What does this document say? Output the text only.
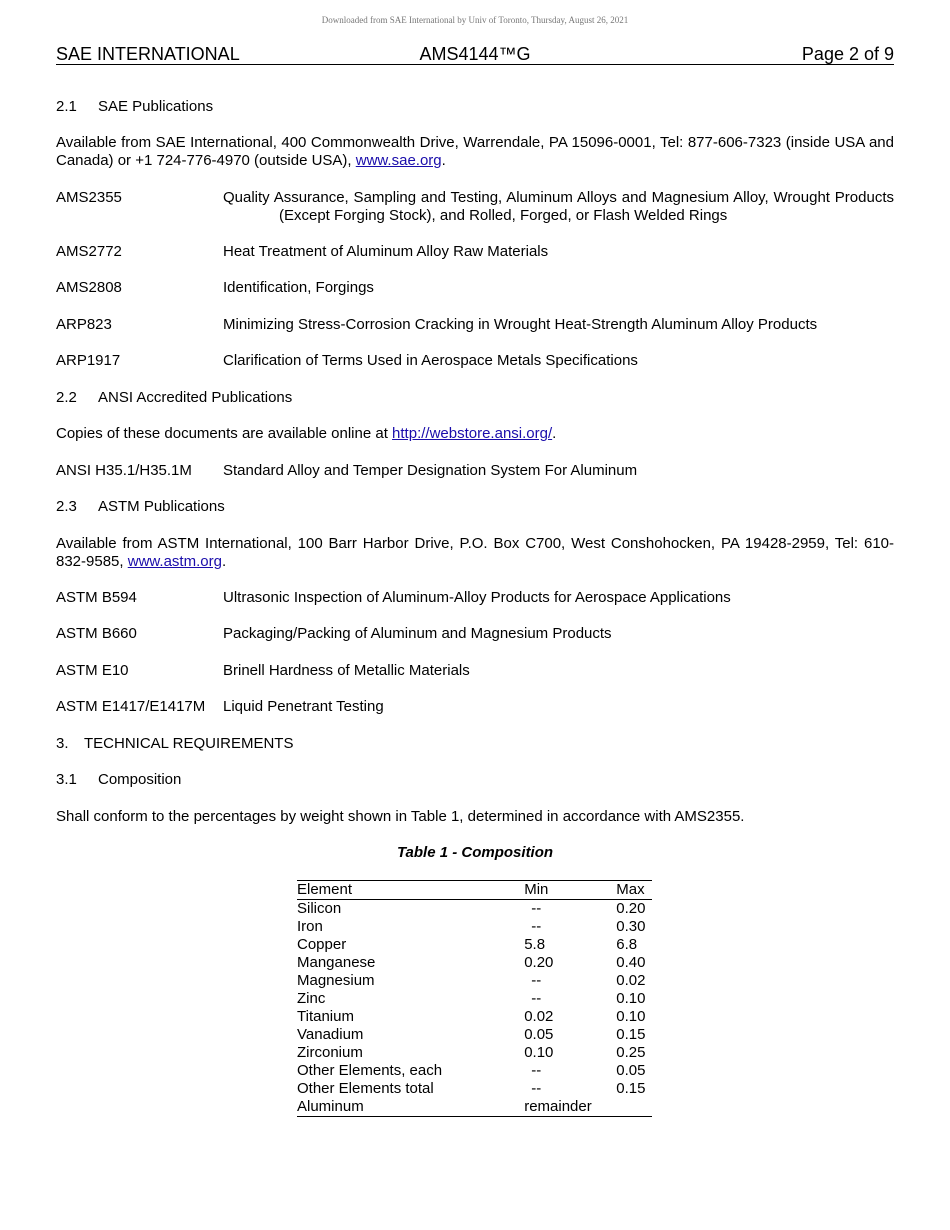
Downloaded from SAE International by Univ of Toronto, Thursday, August 26, 2021
SAE INTERNATIONAL	AMS4144™G	Page 2 of 9
2.1 SAE Publications
Available from SAE International, 400 Commonwealth Drive, Warrendale, PA 15096-0001, Tel: 877-606-7323 (inside USA and Canada) or +1 724-776-4970 (outside USA), www.sae.org.
AMS2355	Quality Assurance, Sampling and Testing, Aluminum Alloys and Magnesium Alloy, Wrought Products (Except Forging Stock), and Rolled, Forged, or Flash Welded Rings
AMS2772	Heat Treatment of Aluminum Alloy Raw Materials
AMS2808	Identification, Forgings
ARP823	Minimizing Stress-Corrosion Cracking in Wrought Heat-Strength Aluminum Alloy Products
ARP1917	Clarification of Terms Used in Aerospace Metals Specifications
2.2 ANSI Accredited Publications
Copies of these documents are available online at http://webstore.ansi.org/.
ANSI H35.1/H35.1M Standard Alloy and Temper Designation System For Aluminum
2.3 ASTM Publications
Available from ASTM International, 100 Barr Harbor Drive, P.O. Box C700, West Conshohocken, PA 19428-2959, Tel: 610-832-9585, www.astm.org.
ASTM B594	Ultrasonic Inspection of Aluminum-Alloy Products for Aerospace Applications
ASTM B660	Packaging/Packing of Aluminum and Magnesium Products
ASTM E10	Brinell Hardness of Metallic Materials
ASTM E1417/E1417M Liquid Penetrant Testing
3. TECHNICAL REQUIREMENTS
3.1 Composition
Shall conform to the percentages by weight shown in Table 1, determined in accordance with AMS2355.
Table 1 - Composition
Element	Min	Max
Silicon	--	0.20
Iron	--	0.30
Copper	5.8	6.8
Manganese	0.20	0.40
Magnesium	--	0.02
Zinc	--	0.10
Titanium	0.02	0.10
Vanadium	0.05	0.15
Zirconium	0.10	0.25
Other Elements, each	--	0.05
Other Elements total	--	0.15
Aluminum	remainder	
